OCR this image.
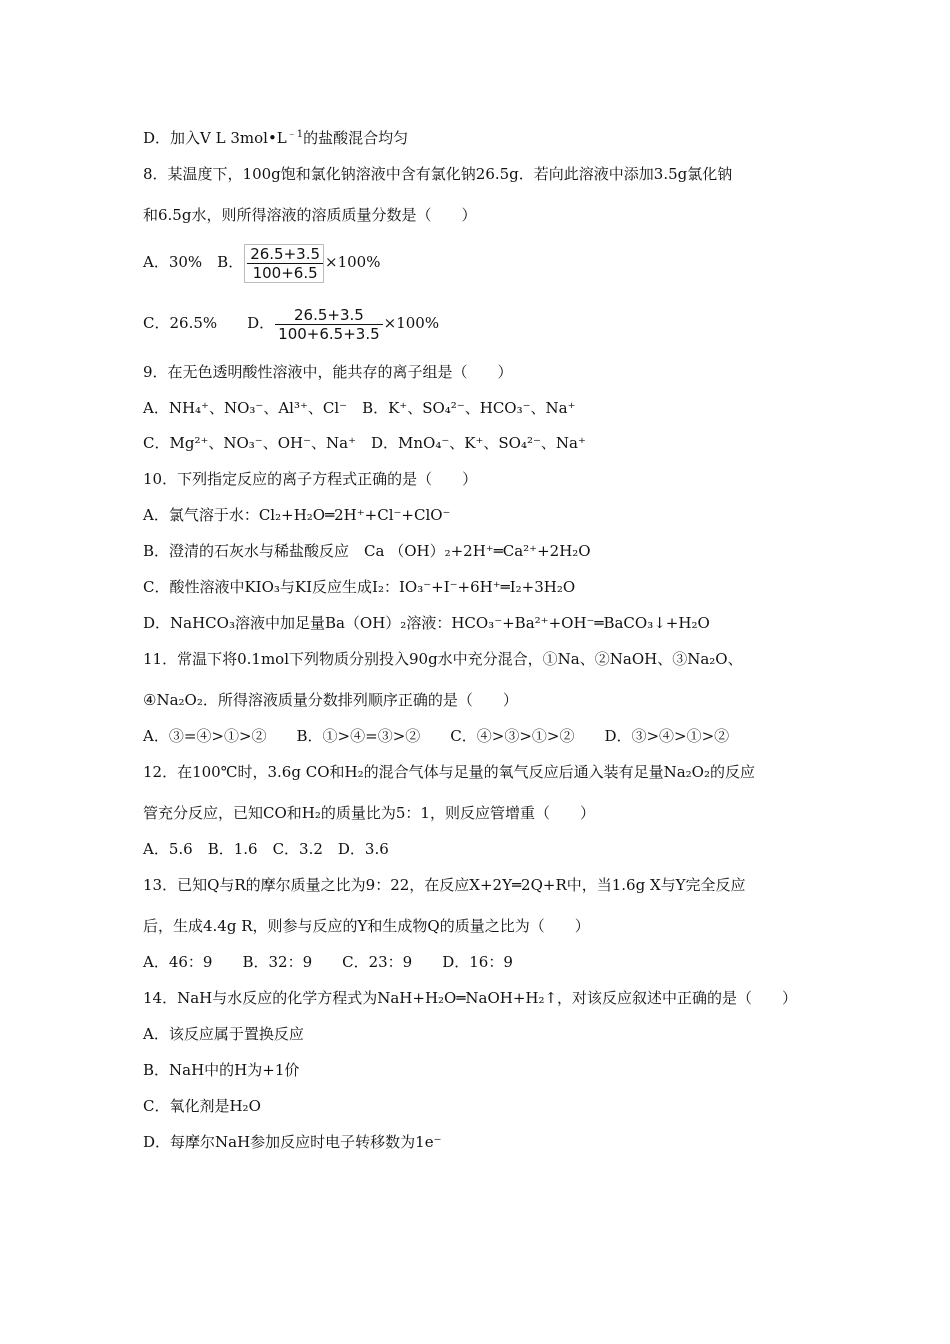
D．加入V L $3mol•L^{﹣1}$的盐酸混合均匀
8．某温度下，100g饱和氯化钠溶液中含有氯化钠26.5g．若向此溶液中添加3.5g氯化钠
和6.5g水，则所得溶液的溶质质量分数是（　　）
A．30%　B． $\frac{26.5+3.5}{100+6.5} \times 100\%$
C．26.5%　　D． $\frac{26.5+3.5}{100+6.5+3.5} \times 100\%$
9．在无色透明酸性溶液中，能共存的离子组是（　　）
A．NH₄⁺、NO₃⁻、Al³⁺、Cl⁻　B．K⁺、SO₄²⁻、HCO₃⁻、Na⁺
C．Mg²⁺、NO₃⁻、OH⁻、Na⁺　D．MnO₄⁻、K⁺、SO₄²⁻、Na⁺
10．下列指定反应的离子方程式正确的是（　　）
A．氯气溶于水：Cl₂+H₂O═2H⁺+Cl⁻+ClO⁻
B．澄清的石灰水与稀盐酸反应　Ca （OH）₂+2H⁺═Ca²⁺+2H₂O
C．酸性溶液中KIO₃与KI反应生成I₂：IO₃⁻+I⁻+6H⁺═I₂+3H₂O
D．NaHCO₃溶液中加足量Ba（OH）₂溶液：HCO₃⁻+Ba²⁺+OH⁻═BaCO₃↓+H₂O
11．常温下将0.1mol下列物质分别投入90g水中充分混合，①Na、②NaOH、③Na₂O、
④Na₂O₂．所得溶液质量分数排列顺序正确的是（　　）
A．③=④>①>②　　B．①>④=③>②　　C．④>③>①>②　　D．③>④>①>②
12．在100℃时，3.6g CO和H₂的混合气体与足量的氧气反应后通入装有足量Na₂O₂的反应
管充分反应，已知CO和H₂的质量比为5：1，则反应管增重（　　）
A．5.6　B．1.6　C．3.2　D．3.6
13．已知Q与R的摩尔质量之比为9：22，在反应X+2Y═2Q+R中，当1.6g X与Y完全反应
后，生成4.4g R，则参与反应的Y和生成物Q的质量之比为（　　）
A．46：9　　B．32：9　　C．23：9　　D．16：9
14．NaH与水反应的化学方程式为NaH+H₂O═NaOH+H₂↑，对该反应叙述中正确的是（　　）
A．该反应属于置换反应
B．NaH中的H为+1价
C．氧化剂是H₂O
D．每摩尔NaH参加反应时电子转移数为1e⁻
